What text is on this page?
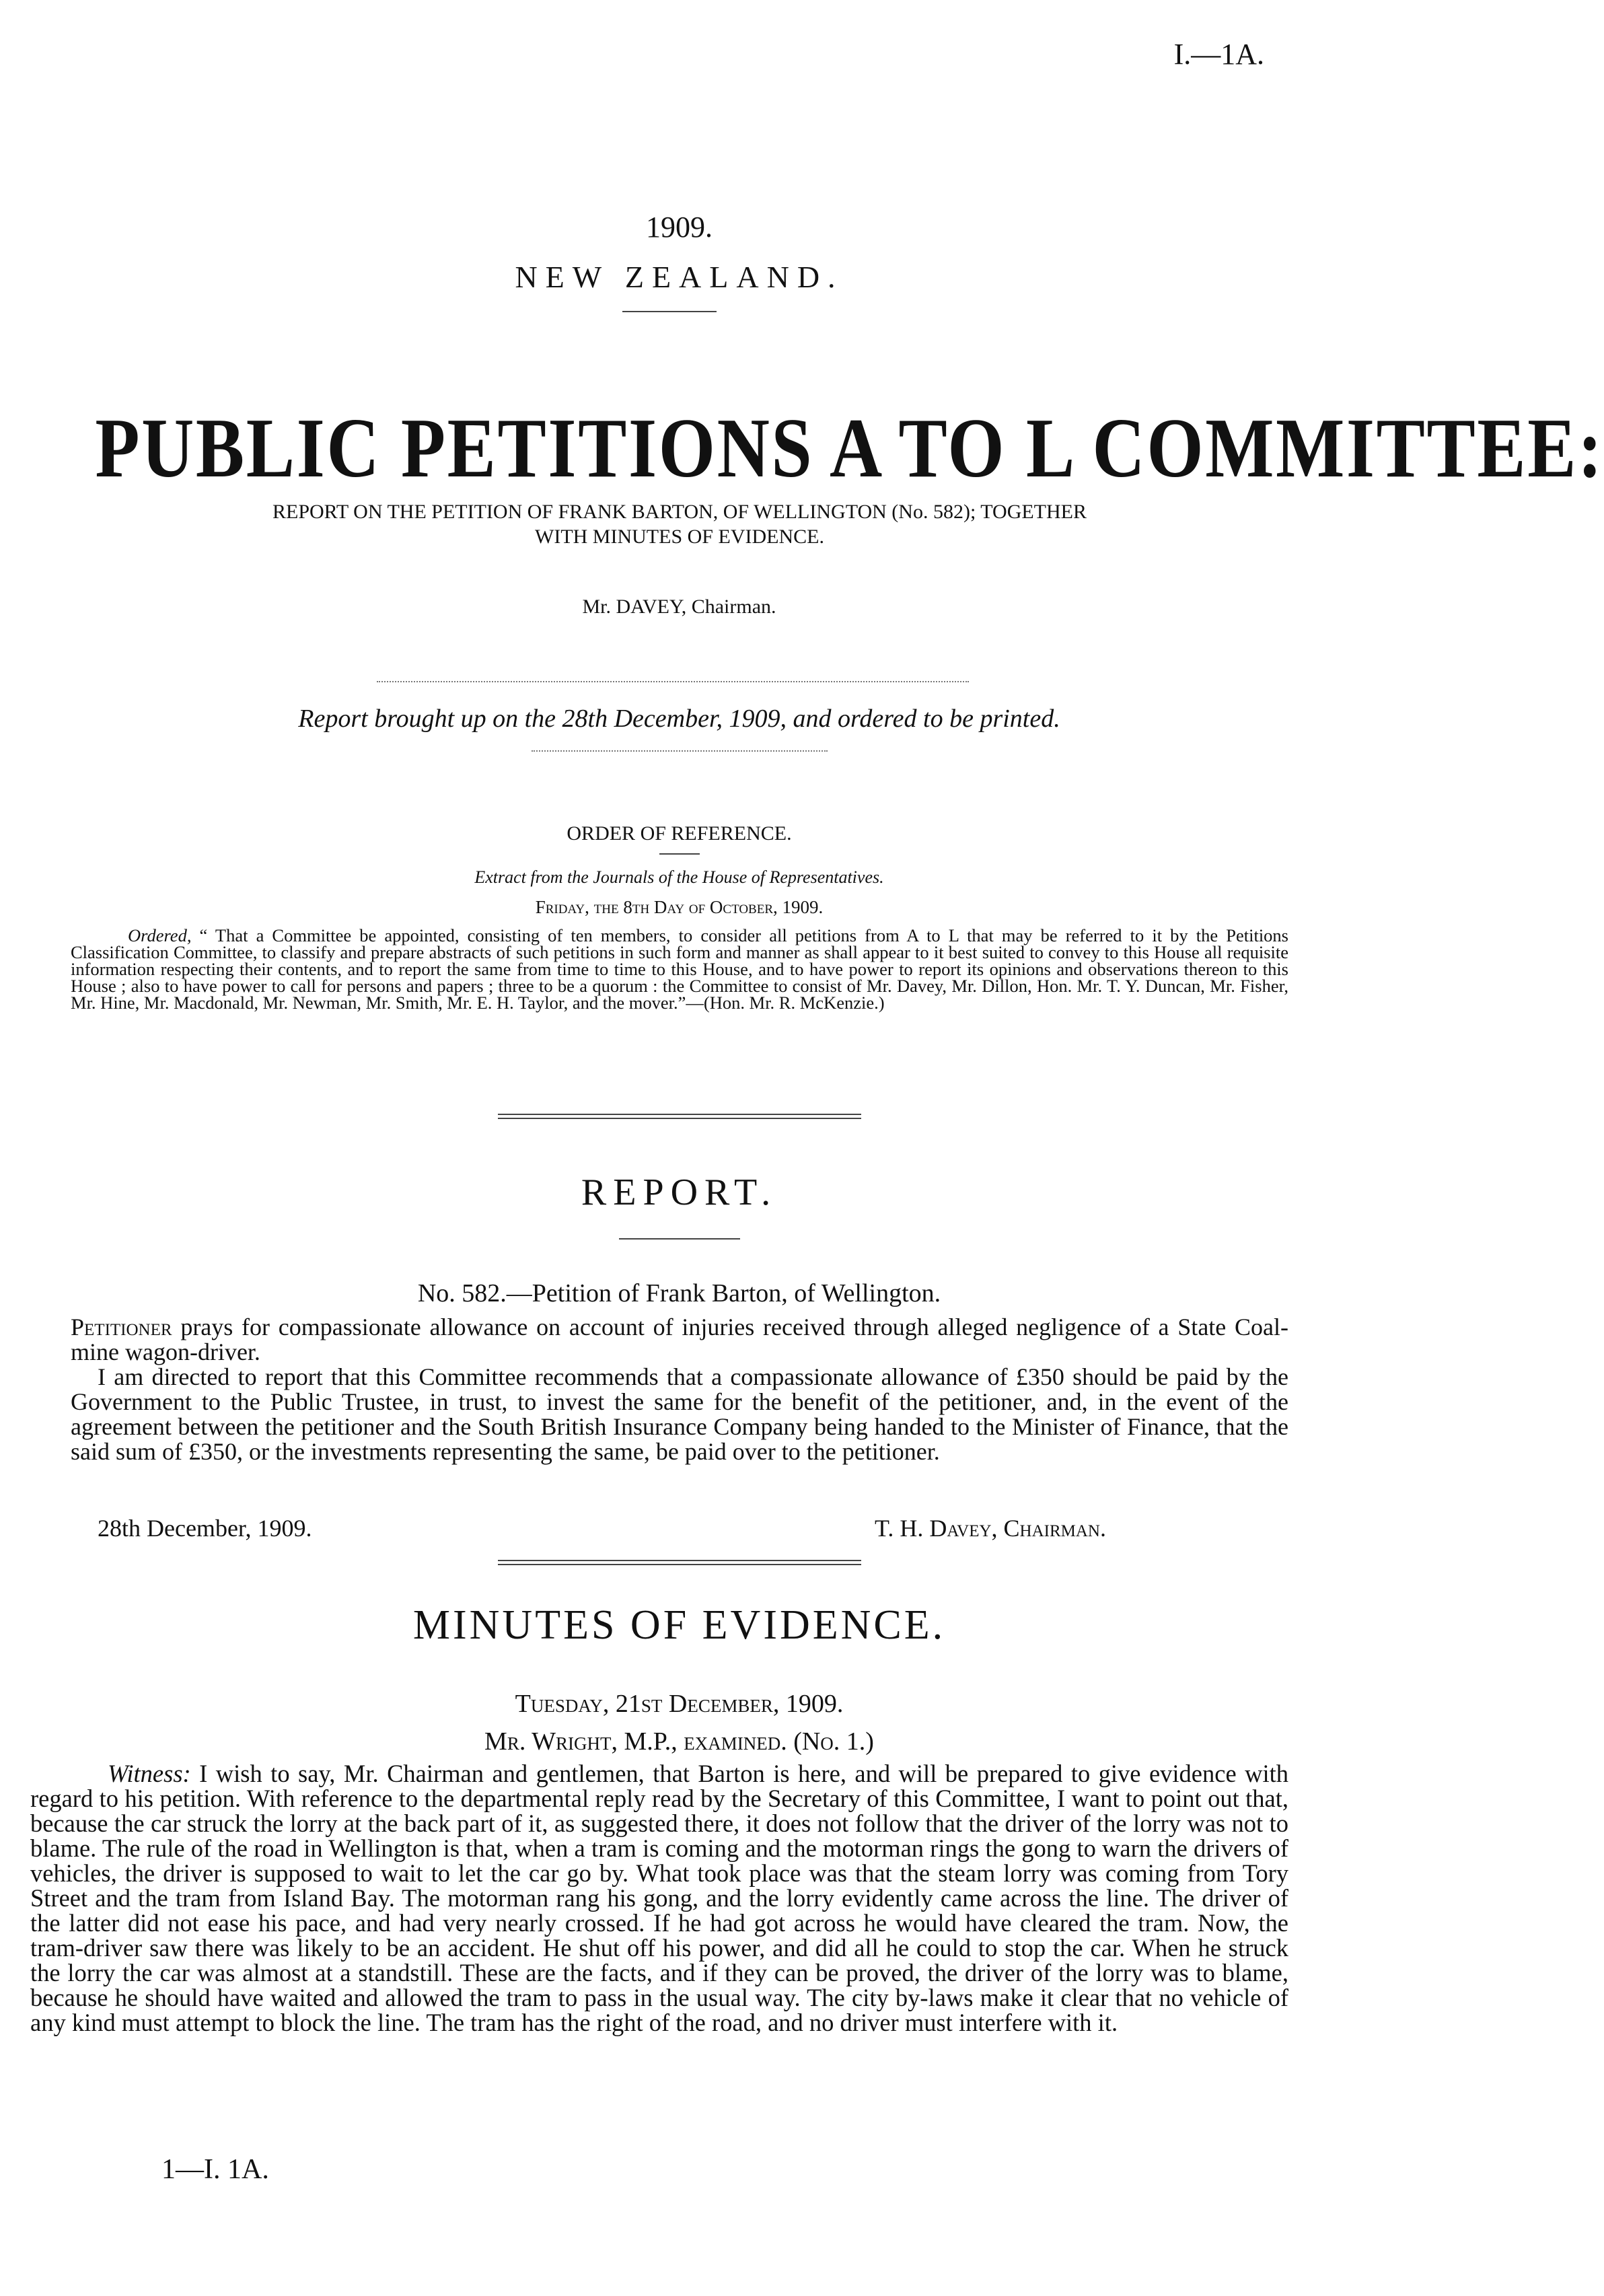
I.—1A.
1909.
NEW ZEALAND.
PUBLIC PETITIONS A TO L COMMITTEE:
REPORT ON THE PETITION OF FRANK BARTON, OF WELLINGTON (No. 582); TOGETHER
WITH MINUTES OF EVIDENCE.
Mr. DAVEY, Chairman.
Report brought up on the 28th December, 1909, and ordered to be printed.
ORDER OF REFERENCE.
Extract from the Journals of the House of Representatives.
Friday, the 8th Day of October, 1909.

Ordered, “ That a Committee be appointed, consisting of ten members, to consider all petitions from A to L that may be referred to it by the Petitions Classification Committee, to classify and prepare abstracts of such petitions in such form and manner as shall appear to it best suited to convey to this House all requisite information respecting their contents, and to report the same from time to time to this House, and to have power to report its opinions and observations thereon to this House ; also to have power to call for persons and papers ; three to be a quorum : the Committee to consist of Mr. Davey, Mr. Dillon, Hon. Mr. T. Y. Duncan, Mr. Fisher, Mr. Hine, Mr. Macdonald, Mr. Newman, Mr. Smith, Mr. E. H. Taylor, and the mover.”—(Hon. Mr. R. McKenzie.)

REPORT.
No. 582.—Petition of Frank Barton, of Wellington.

Petitioner prays for compassionate allowance on account of injuries received through alleged negligence of a State Coal-mine wagon-driver.

I am directed to report that this Committee recommends that a compassionate allowance of £350 should be paid by the Government to the Public Trustee, in trust, to invest the same for the benefit of the petitioner, and, in the event of the agreement between the petitioner and the South British Insurance Company being handed to the Minister of Finance, that the said sum of £350, or the investments representing the same, be paid over to the petitioner.

28th December, 1909.	T. H. Davey, Chairman.
MINUTES OF EVIDENCE.
Tuesday, 21st December, 1909.
Mr. Wright, M.P., examined. (No. 1.)

Witness: I wish to say, Mr. Chairman and gentlemen, that Barton is here, and will be prepared to give evidence with regard to his petition. With reference to the departmental reply read by the Secretary of this Committee, I want to point out that, because the car struck the lorry at the back part of it, as suggested there, it does not follow that the driver of the lorry was not to blame. The rule of the road in Wellington is that, when a tram is coming and the motorman rings the gong to warn the drivers of vehicles, the driver is supposed to wait to let the car go by. What took place was that the steam lorry was coming from Tory Street and the tram from Island Bay. The motorman rang his gong, and the lorry evidently came across the line. The driver of the latter did not ease his pace, and had very nearly crossed. If he had got across he would have cleared the tram. Now, the tram-driver saw there was likely to be an accident. He shut off his power, and did all he could to stop the car. When he struck the lorry the car was almost at a standstill. These are the facts, and if they can be proved, the driver of the lorry was to blame, because he should have waited and allowed the tram to pass in the usual way. The city by-laws make it clear that no vehicle of any kind must attempt to block the line. The tram has the right of the road, and no driver must interfere with it.

1—I. 1A.
